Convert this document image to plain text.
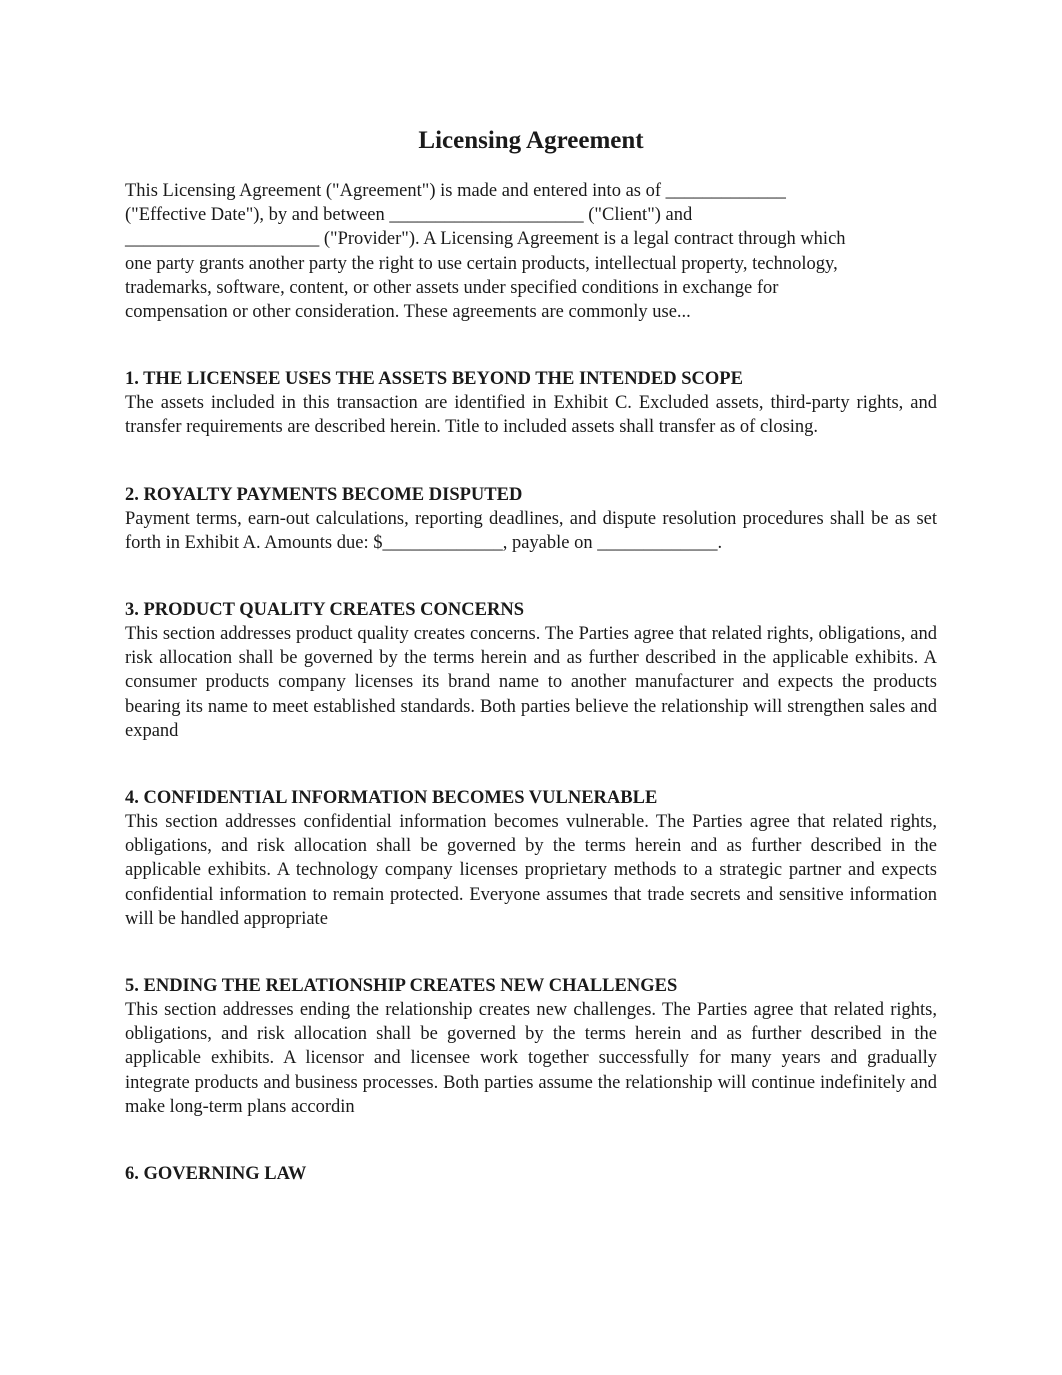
Licensing Agreement

This Licensing Agreement ("Agreement") is made and entered into as of _____________
("Effective Date"), by and between _____________________ ("Client") and
_____________________ ("Provider"). A Licensing Agreement is a legal contract through which
one party grants another party the right to use certain products, intellectual property, technology,
trademarks, software, content, or other assets under specified conditions in exchange for
compensation or other consideration. These agreements are commonly use...

1. THE LICENSEE USES THE ASSETS BEYOND THE INTENDED SCOPE

The assets included in this transaction are identified in Exhibit C. Excluded assets, third-party rights, and transfer requirements are described herein. Title to included assets shall transfer as of closing.

2. ROYALTY PAYMENTS BECOME DISPUTED

Payment terms, earn-out calculations, reporting deadlines, and dispute resolution procedures shall be as set forth in Exhibit A. Amounts due: $_____________, payable on _____________.

3. PRODUCT QUALITY CREATES CONCERNS

This section addresses product quality creates concerns. The Parties agree that related rights, obligations, and risk allocation shall be governed by the terms herein and as further described in the applicable exhibits. A consumer products company licenses its brand name to another manufacturer and expects the products bearing its name to meet established standards. Both parties believe the relationship will strengthen sales and expand

4. CONFIDENTIAL INFORMATION BECOMES VULNERABLE

This section addresses confidential information becomes vulnerable. The Parties agree that related rights, obligations, and risk allocation shall be governed by the terms herein and as further described in the applicable exhibits. A technology company licenses proprietary methods to a strategic partner and expects confidential information to remain protected. Everyone assumes that trade secrets and sensitive information will be handled appropriate

5. ENDING THE RELATIONSHIP CREATES NEW CHALLENGES

This section addresses ending the relationship creates new challenges. The Parties agree that related rights, obligations, and risk allocation shall be governed by the terms herein and as further described in the applicable exhibits. A licensor and licensee work together successfully for many years and gradually integrate products and business processes. Both parties assume the relationship will continue indefinitely and make long-term plans accordin

6. GOVERNING LAW
